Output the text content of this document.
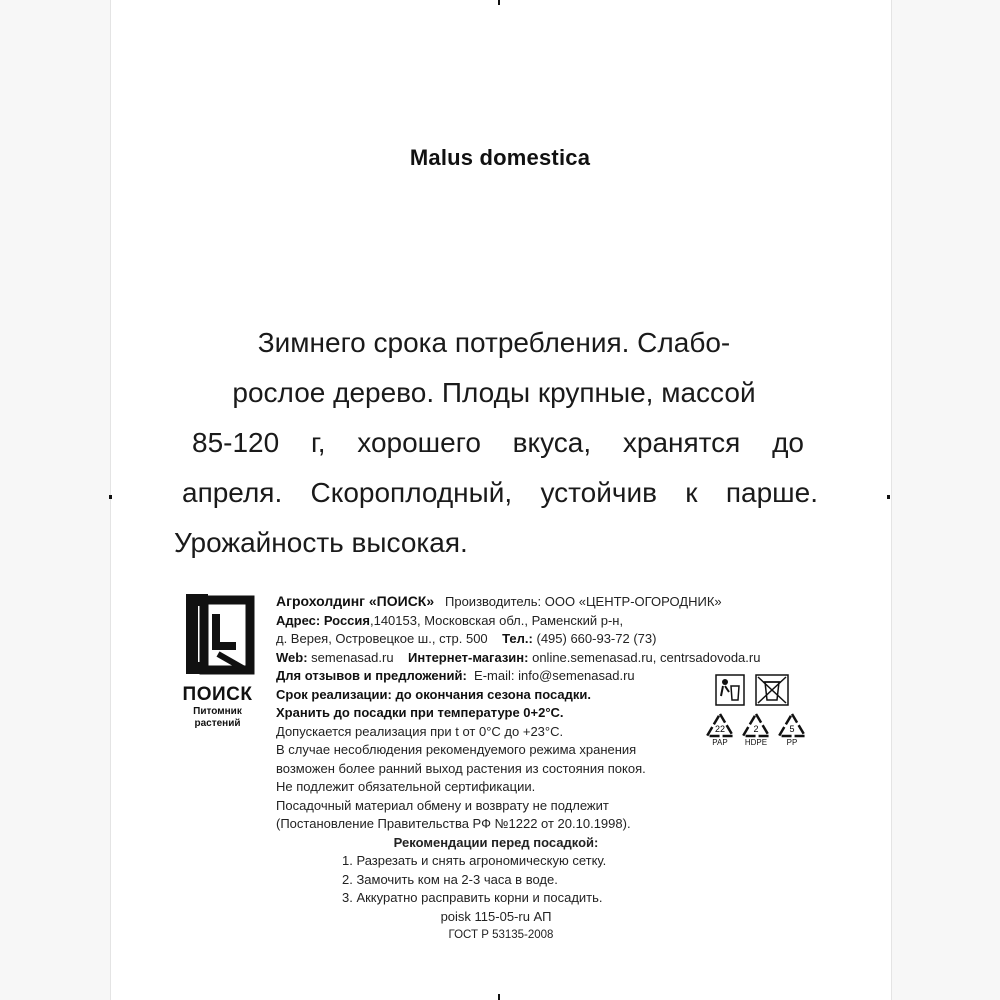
Malus domestica
Зимнего срока потребления. Слабо-
рослое дерево. Плоды крупные, массой
85-120 г, хорошего вкуса, хранятся до
апреля. Скороплодный, устойчив к парше.
Урожайность высокая.
ПОИСК
Питомник
растений
Агрохолдинг «ПОИСК» Производитель: ООО «ЦЕНТР-ОГОРОДНИК»
Адрес: Россия,140153, Московская обл., Раменский р-н,
д. Верея, Островецкое ш., стр. 500 Тел.: (495) 660-93-72 (73)
Web: semenasad.ru Интернет-магазин: online.semenasad.ru, centrsadovoda.ru
Для отзывов и предложений: E-mail: info@semenasad.ru
Срок реализации: до окончания сезона посадки.
Хранить до посадки при температуре 0+2°С.
Допускается реализация при t от 0°С до +23°С.
В случае несоблюдения рекомендуемого режима хранения
возможен более ранний выход растения из состояния покоя.
Не подлежит обязательной сертификации.
Посадочный материал обмену и возврату не подлежит
(Постановление Правительства РФ №1222 от 20.10.1998).
Рекомендации перед посадкой:
1. Разрезать и снять агрономическую сетку.
2. Замочить ком на 2-3 часа в воде.
3. Аккуратно расправить корни и посадить.
poisk 115-05-ru АП
ГОСТ Р 53135-2008
22
PAP
2
HDPE
5
PP
